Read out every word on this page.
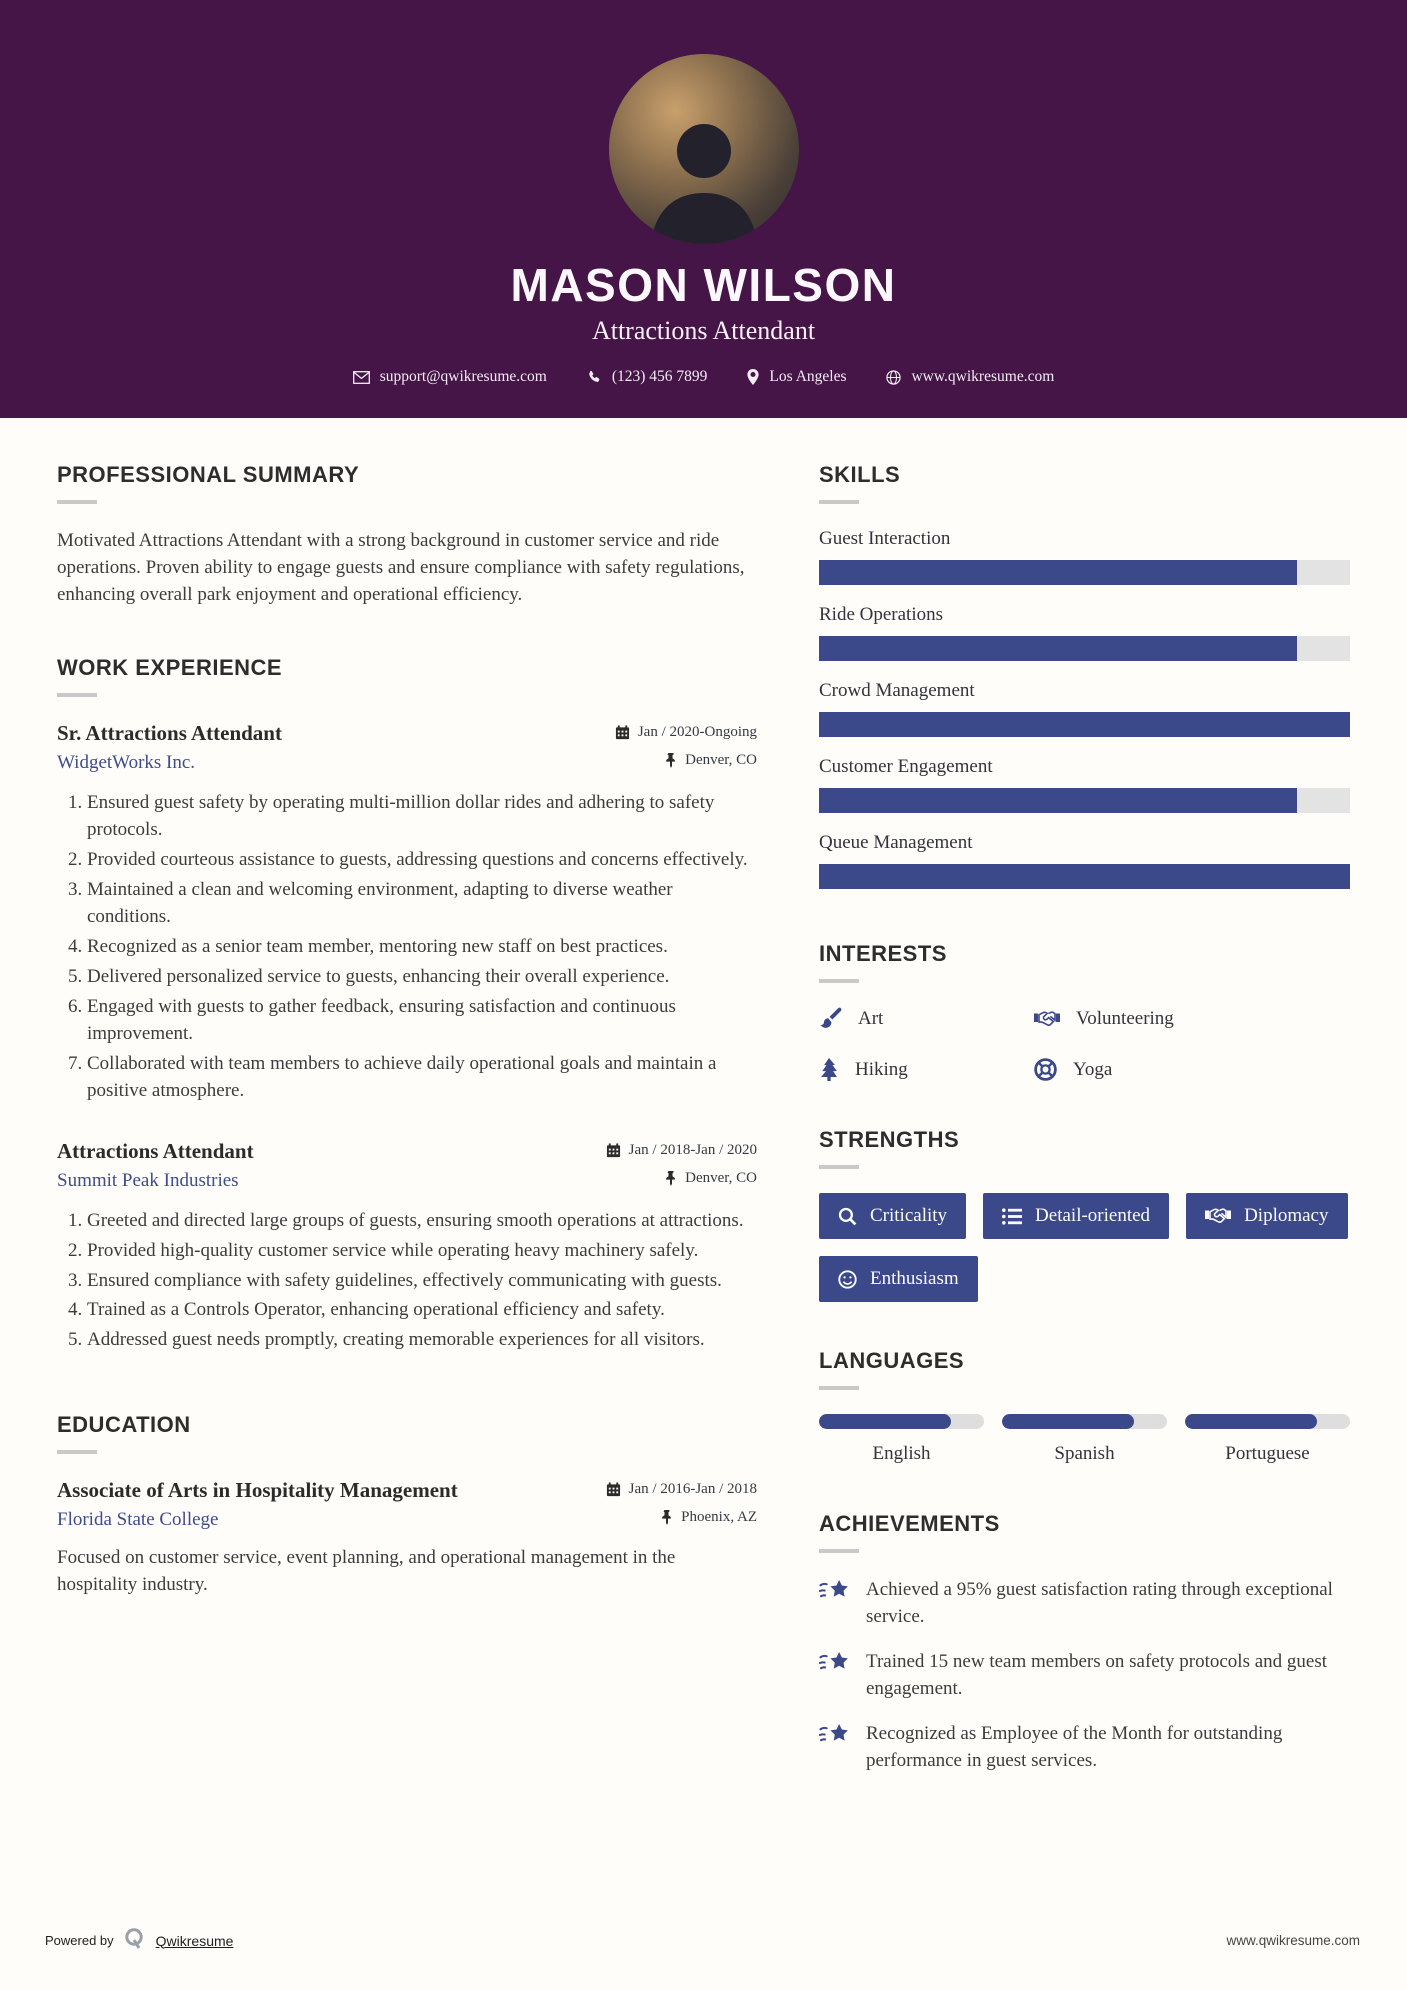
MASON WILSON
Attractions Attendant
support@qwikresume.com	(123) 456 7899	Los Angeles	www.qwikresume.com
PROFESSIONAL SUMMARY

Motivated Attractions Attendant with a strong background in customer service and ride operations. Proven ability to engage guests and ensure compliance with safety regulations, enhancing overall park enjoyment and operational efficiency.

WORK EXPERIENCE
Sr. Attractions Attendant	Jan / 2020-Ongoing
WidgetWorks Inc.	Denver, CO
1. Ensured guest safety by operating multi-million dollar rides and adhering to safety protocols.
2. Provided courteous assistance to guests, addressing questions and concerns effectively.
3. Maintained a clean and welcoming environment, adapting to diverse weather conditions.
4. Recognized as a senior team member, mentoring new staff on best practices.
5. Delivered personalized service to guests, enhancing their overall experience.
6. Engaged with guests to gather feedback, ensuring satisfaction and continuous improvement.
7. Collaborated with team members to achieve daily operational goals and maintain a positive atmosphere.
Attractions Attendant	Jan / 2018-Jan / 2020
Summit Peak Industries	Denver, CO
1. Greeted and directed large groups of guests, ensuring smooth operations at attractions.
2. Provided high-quality customer service while operating heavy machinery safely.
3. Ensured compliance with safety guidelines, effectively communicating with guests.
4. Trained as a Controls Operator, enhancing operational efficiency and safety.
5. Addressed guest needs promptly, creating memorable experiences for all visitors.
EDUCATION
Associate of Arts in Hospitality Management	Jan / 2016-Jan / 2018
Florida State College	Phoenix, AZ

Focused on customer service, event planning, and operational management in the hospitality industry.

SKILLS
Guest Interaction
Ride Operations
Crowd Management
Customer Engagement
Queue Management
INTERESTS
Art	Volunteering
Hiking	Yoga
STRENGTHS
Criticality	Detail-oriented	Diplomacy
Enthusiasm
LANGUAGES
English	Spanish	Portuguese
ACHIEVEMENTS
Achieved a 95% guest satisfaction rating through exceptional service.
Trained 15 new team members on safety protocols and guest engagement.
Recognized as Employee of the Month for outstanding performance in guest services.
Powered by	Qwikresume	www.qwikresume.com
